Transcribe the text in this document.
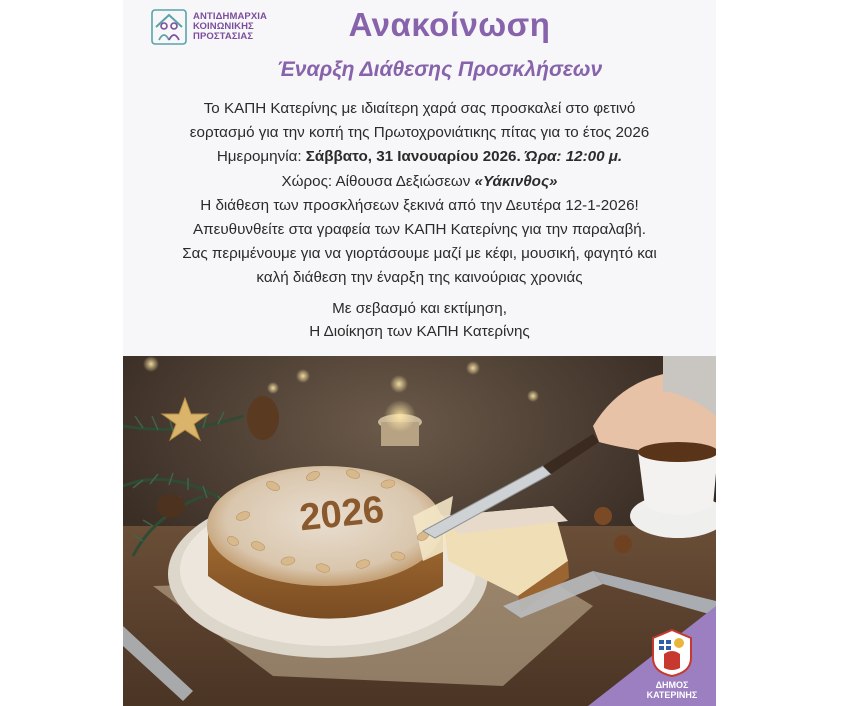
ΑΝΤΙΔΗΜΑΡΧΙΑ
ΚΟΙΝΩΝΙΚΗΣ
ΠΡΟΣΤΑΣΙΑΣ	Ανακοίνωση
Έναρξη Διάθεσης Προσκλήσεων
Το ΚΑΠΗ Κατερίνης με ιδιαίτερη χαρά σας προσκαλεί στο φετινό
εορτασμό για την κοπή της Πρωτοχρονιάτικης πίτας για το έτος 2026
Ημερομηνία: Σάββατο, 31 Ιανουαρίου 2026. Ώρα: 12:00 μ.
Χώρος: Αίθουσα Δεξιώσεων «Υάκινθος»
Η διάθεση των προσκλήσεων ξεκινά από την Δευτέρα 12-1-2026!
Απευθυνθείτε στα γραφεία των ΚΑΠΗ Κατερίνης για την παραλαβή.
Σας περιμένουμε για να γιορτάσουμε μαζί με κέφι, μουσική, φαγητό και
καλή διάθεση την έναρξη της καινούριας χρονιάς
Με σεβασμό και εκτίμηση,
Η Διοίκηση των ΚΑΠΗ Κατερίνης
2026
ΔΗΜΟΣ
ΚΑΤΕΡΙΝΗΣ
